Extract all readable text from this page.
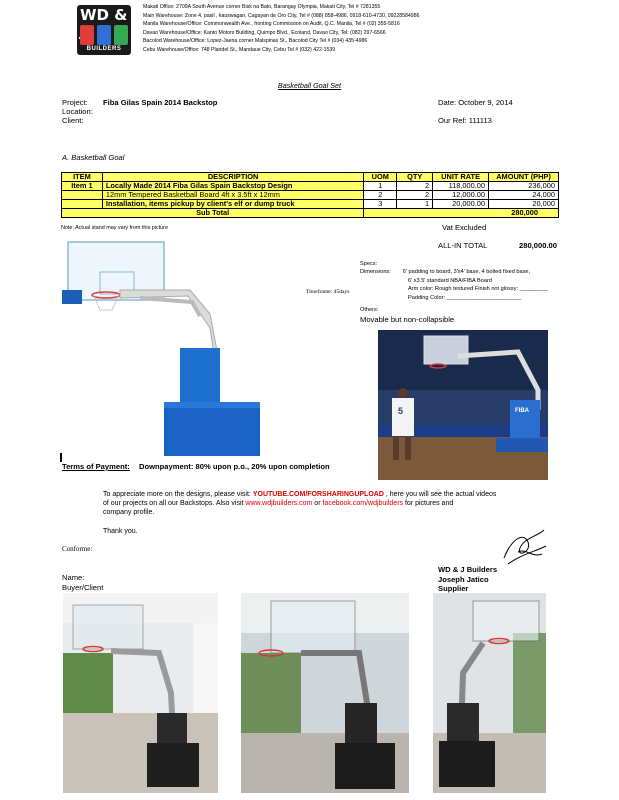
WD &
BUILDERS
Makati Office: 2709A South Avenue corner Bisk na Bato, Barangay Olympia, Makati City, Tel # 7281355
Main Warehouse: Zone 4, pasil , kauswagan, Cagayan de Oro City, Tel # (088) 858-4986, 0918-610-4730, 09228584986
Manila Warehouse/Office: Commonwealth Ave., fronting Commission on Audit, Q.C. Manila, Tel # (02) 355-5816
Davao Warehouse/Office: Kanto Motors Building, Quimpo Blvd., Ecoland, Davao City, Tel: (082) 297-6566
Bacolod Warehouse/Office: Lopez-Jaena corner Malspinas St., Bacolod City Tel # (034) 435-4986
Cebu Warehouse/Office: 748 Plaridel St., Mandaue City, Cebu Tel # (032) 422-1539
Basketball Goal Set
Project: Fiba Gilas Spain 2014 Backstop
Location:
Client:
Date: October 9, 2014
Our Ref: 111113
A. Basketball Goal
ITEM	DESCRIPTION	UOM	QTY	UNIT RATE	AMOUNT (PHP)
Item 1	Locally Made 2014 Fiba Gilas Spain Backstop Design	1	2	118,000.00	236,000
	12mm Tempered Basketball Board 4ft x 3.5ft x 12mm	2	2	12,000.00	24,000
	Installation, items pickup by client's elf or dump truck	3	1	20,000.00	20,000
Sub Total		280,000			
Note: Actual stand may vary from this picture	Vat Excluded
ALL-IN TOTAL	280,000.00
Timeframe: 45days
Specs:
Dimensions: 6' padding to board, 3'x4' base, 4 bolted fixed base,
6' x3.5' standard NBA/FIBA Board
Arm color: Rough textured Finish not glossy: _________
Padding Color: ________________________
Others:
Movable but non-collapsible
5	FIBA
Terms of Payment: Downpayment: 80% upon p.o., 20% upon completion
To appreciate more on the designs, please visit: YOUTUBE.COM/FORSHARINGUPLOAD , here you will see the actual videos
of our projects on all our Backstops. Also visit www.wdjbuilders.com or facebook.com/wdjbuilders for pictures and
company profile.
Thank you.
Conforme:
WD & J Builders
Joseph Jatico
Supplier
Name:
Buyer/Client
